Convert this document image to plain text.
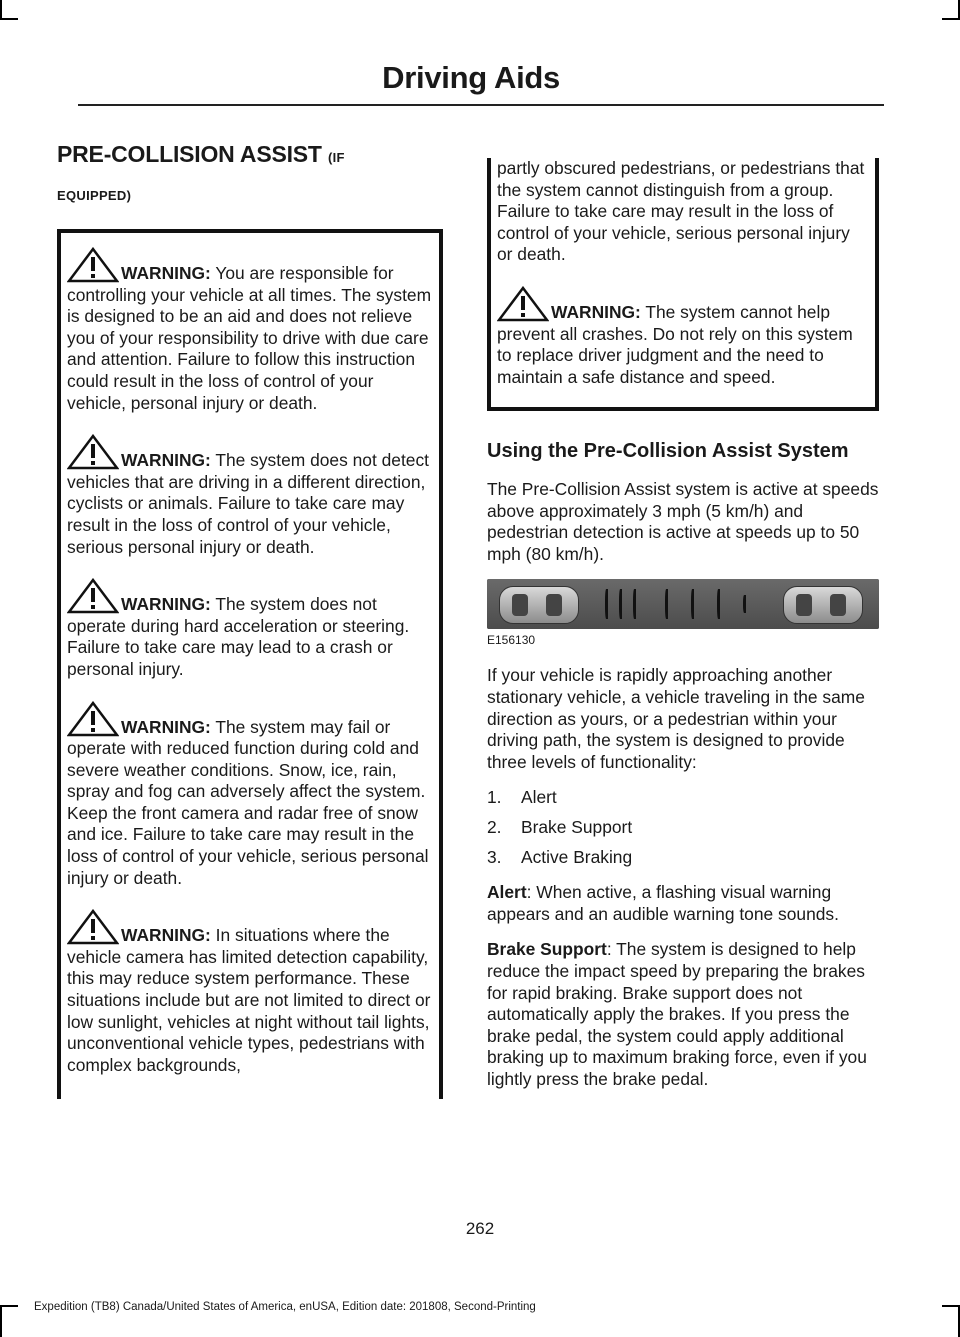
Driving Aids
PRE-COLLISION ASSIST (IF
EQUIPPED)
WARNING: You are responsible for controlling your vehicle at all times. The system is designed to be an aid and does not relieve you of your responsibility to drive with due care and attention. Failure to follow this instruction could result in the loss of control of your vehicle, personal injury or death.
WARNING: The system does not detect vehicles that are driving in a different direction, cyclists or animals. Failure to take care may result in the loss of control of your vehicle, serious personal injury or death.
WARNING: The system does not operate during hard acceleration or steering. Failure to take care may lead to a crash or personal injury.
WARNING: The system may fail or operate with reduced function during cold and severe weather conditions. Snow, ice, rain, spray and fog can adversely affect the system. Keep the front camera and radar free of snow and ice. Failure to take care may result in the loss of control of your vehicle, serious personal injury or death.
WARNING: In situations where the vehicle camera has limited detection capability, this may reduce system performance. These situations include but are not limited to direct or low sunlight, vehicles at night without tail lights, unconventional vehicle types, pedestrians with complex backgrounds,
partly obscured pedestrians, or pedestrians that the system cannot distinguish from a group. Failure to take care may result in the loss of control of your vehicle, serious personal injury or death.
WARNING: The system cannot help prevent all crashes. Do not rely on this system to replace driver judgment and the need to maintain a safe distance and speed.
Using the Pre-Collision Assist System

The Pre-Collision Assist system is active at speeds above approximately 3 mph (5 km/h) and pedestrian detection is active at speeds up to 50 mph (80 km/h).

E156130

If your vehicle is rapidly approaching another stationary vehicle, a vehicle traveling in the same direction as yours, or a pedestrian within your driving path, the system is designed to provide three levels of functionality:

1.	Alert
2.	Brake Support
3.	Active Braking

Alert: When active, a flashing visual warning appears and an audible warning tone sounds.

Brake Support: The system is designed to help reduce the impact speed by preparing the brakes for rapid braking. Brake support does not automatically apply the brakes. If you press the brake pedal, the system could apply additional braking up to maximum braking force, even if you lightly press the brake pedal.

262
Expedition (TB8) Canada/United States of America, enUSA, Edition date: 201808, Second-Printing
